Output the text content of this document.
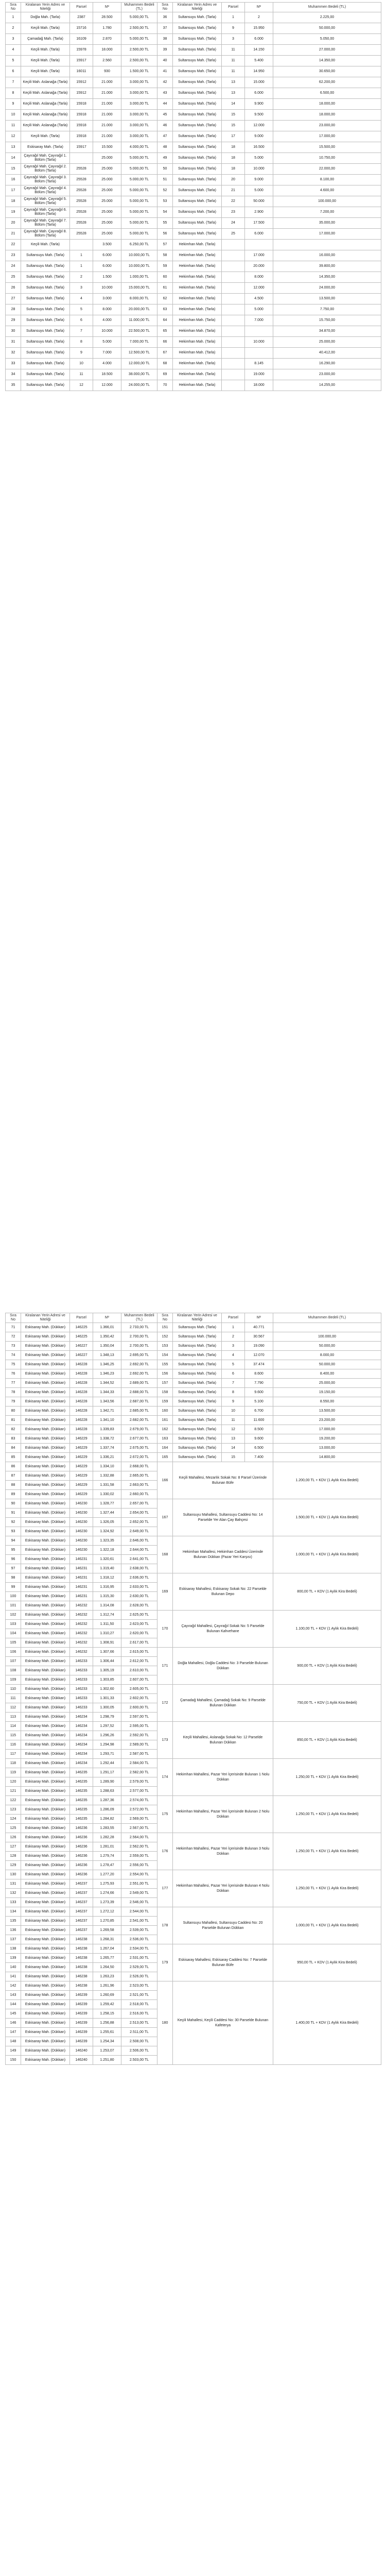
Sıra No	Kiralanan Yerin Adres ve Niteliği	Parsel	M²	Muhammen Bedeli (TL)	Sıra No	Kiralanan Yerin Adres ve Niteliği	Parsel	M²	Muhammen Bedeli (TL)
1	Doğla Mah. (Tarla)	2387	28.500	5.000,00 TL	36	Sultansuyu Mah. (Tarla)	1	2	2.225,00
2	Keçili Mah. (Tarla)	15716	1.780	2.500,00 TL	37	Sultansuyu Mah. (Tarla)	9	15.950	50.000,00
3	Çamadağ Mah. (Tarla)	16109	2.870	5.000,00 TL	38	Sultansuyu Mah. (Tarla)	3	6.000	5.050,00
4	Keçili Mah. (Tarla)	15978	18.000	2.500,00 TL	39	Sultansuyu Mah. (Tarla)	11	14.150	27.000,00
5	Keçili Mah. (Tarla)	15917	2.560	2.500,00 TL	40	Sultansuyu Mah. (Tarla)	11	5.400	14.350,00
6	Keçili Mah. (Tarla)	16011	930	1.500,00 TL	41	Sultansuyu Mah. (Tarla)	11	14.950	30.650,00
7	Keçili Mah. Aslanağa (Tarla)	15912	21.000	3.000,00 TL	42	Sultansuyu Mah. (Tarla)	13	15.000	62.200,00
8	Keçili Mah. Aslanağa (Tarla)	15912	21.000	3.000,00 TL	43	Sultansuyu Mah. (Tarla)	13	6.000	6.500,00
9	Keçili Mah. Aslanağa (Tarla)	15918	21.000	3.000,00 TL	44	Sultansuyu Mah. (Tarla)	14	9.900	18.000,00
10	Keçili Mah. Aslanağa (Tarla)	15918	21.000	3.000,00 TL	45	Sultansuyu Mah. (Tarla)	15	9.500	18.000,00
11	Keçili Mah. Aslanağa (Tarla)	15918	21.000	3.000,00 TL	46	Sultansuyu Mah. (Tarla)	15	12.000	23.000,00
12	Keçili Mah. (Tarla)	15918	21.000	3.000,00 TL	47	Sultansuyu Mah. (Tarla)	17	9.000	17.000,00
13	Eskisaray Mah. (Tarla)	15917	15.500	4.000,00 TL	48	Sultansuyu Mah. (Tarla)	18	16.500	15.500,00
14	Çayırağıl Mah. Çayırağıl 1. Bölüm (Tarla)		25.000	5.000,00 TL	49	Sultansuyu Mah. (Tarla)	18	5.000	10.750,00
15	Çayırağıl Mah. Çayırağıl 2. Bölüm (Tarla)	25528	25.000	5.000,00 TL	50	Sultansuyu Mah. (Tarla)	18	10.000	22.000,00
16	Çayırağıl Mah. Çayırağıl 3. Bölüm (Tarla)	25528	25.000	5.000,00 TL	51	Sultansuyu Mah. (Tarla)	20	9.000	8.100,00
17	Çayırağıl Mah. Çayırağıl 4. Bölüm (Tarla)	25528	25.000	5.000,00 TL	52	Sultansuyu Mah. (Tarla)	21	5.000	4.600,00
18	Çayırağıl Mah. Çayırağıl 5. Bölüm (Tarla)	25528	25.000	5.000,00 TL	53	Sultansuyu Mah. (Tarla)	22	50.000	100.000,00
19	Çayırağıl Mah. Çayırağıl 6. Bölüm (Tarla)	25528	25.000	5.000,00 TL	54	Sultansuyu Mah. (Tarla)	23	2.900	7.200,00
20	Çayırağıl Mah. Çayırağıl 7. Bölüm (Tarla)	25528	25.000	5.000,00 TL	55	Sultansuyu Mah. (Tarla)	24	17.500	35.000,00
21	Çayırağıl Mah. Çayırağıl 8. Bölüm (Tarla)	25528	25.000	5.000,00 TL	56	Sultansuyu Mah. (Tarla)	25	6.000	17.000,00
22	Keçili Mah. (Tarla)		3.500	6.250,00 TL	57	Hekimhan Mah. (Tarla)			
23	Sultansuyu Mah. (Tarla)	1	6.000	10.000,00 TL	58	Hekimhan Mah. (Tarla)		17.000	16.000,00
24	Sultansuyu Mah. (Tarla)	1	6.000	10.000,00 TL	59	Hekimhan Mah. (Tarla)		20.000	39.800,00
25	Sultansuyu Mah. (Tarla)	2	1.500	1.000,00 TL	60	Hekimhan Mah. (Tarla)		8.000	14.350,00
26	Sultansuyu Mah. (Tarla)	3	10.000	15.000,00 TL	61	Hekimhan Mah. (Tarla)		12.000	24.000,00
27	Sultansuyu Mah. (Tarla)	4	3.000	8.000,00 TL	62	Hekimhan Mah. (Tarla)		4.500	13.500,00
28	Sultansuyu Mah. (Tarla)	5	8.000	20.000,00 TL	63	Hekimhan Mah. (Tarla)		5.000	7.750,00
29	Sultansuyu Mah. (Tarla)	6	4.000	11.000,00 TL	64	Hekimhan Mah. (Tarla)		7.000	15.750,00
30	Sultansuyu Mah. (Tarla)	7	10.000	22.500,00 TL	65	Hekimhan Mah. (Tarla)			34.870,00
31	Sultansuyu Mah. (Tarla)	8	5.000	7.000,00 TL	66	Hekimhan Mah. (Tarla)		10.000	25.000,00
32	Sultansuyu Mah. (Tarla)	9	7.000	12.500,00 TL	67	Hekimhan Mah. (Tarla)			40.412,00
33	Sultansuyu Mah. (Tarla)	10	4.000	12.000,00 TL	68	Hekimhan Mah. (Tarla)		8.145	16.290,00
34	Sultansuyu Mah. (Tarla)	11	18.500	38.000,00 TL	69	Hekimhan Mah. (Tarla)		19.000	23.000,00
35	Sultansuyu Mah. (Tarla)	12	12.000	24.000,00 TL	70	Hekimhan Mah. (Tarla)		18.000	14.255,00
Sıra No	Kiralanan Yerin Adresi ve Niteliği	Parsel	M²	Muhammen Bedeli (TL)	Sıra No	Kiralanan Yerin Adresi ve Niteliği	Parsel	M²	Muhammen Bedeli (TL)
71	Eskisaray Mah. (Dükkan)	146225	1.366,01	2.733,00 TL	151	Sultansuyu Mah. (Tarla)	1	40.771	
72	Eskisaray Mah. (Dükkan)	146225	1.350,42	2.700,00 TL	152	Sultansuyu Mah. (Tarla)	2	30.567	100.000,00
73	Eskisaray Mah. (Dükkan)	146227	1.350,04	2.700,00 TL	153	Sultansuyu Mah. (Tarla)	3	19.090	50.000,00
74	Eskisaray Mah. (Dükkan)	146227	1.348,13	2.695,00 TL	154	Sultansuyu Mah. (Tarla)	4	12.070	8.000,00
75	Eskisaray Mah. (Dükkan)	146228	1.346,25	2.692,00 TL	155	Sultansuyu Mah. (Tarla)	5	37.474	50.000,00
76	Eskisaray Mah. (Dükkan)	146228	1.346,23	2.692,00 TL	156	Sultansuyu Mah. (Tarla)	6	8.600	8.400,00
77	Eskisaray Mah. (Dükkan)	146228	1.344,52	2.689,00 TL	157	Sultansuyu Mah. (Tarla)	7	7.790	25.000,00
78	Eskisaray Mah. (Dükkan)	146228	1.344,33	2.688,00 TL	158	Sultansuyu Mah. (Tarla)	8	9.600	19.150,00
79	Eskisaray Mah. (Dükkan)	146228	1.343,56	2.687,00 TL	159	Sultansuyu Mah. (Tarla)	9	5.100	8.550,00
80	Eskisaray Mah. (Dükkan)	146228	1.342,71	2.685,00 TL	160	Sultansuyu Mah. (Tarla)	10	6.700	13.500,00
81	Eskisaray Mah. (Dükkan)	146228	1.341,10	2.682,00 TL	161	Sultansuyu Mah. (Tarla)	11	11.600	23.200,00
82	Eskisaray Mah. (Dükkan)	146228	1.339,83	2.679,00 TL	162	Sultansuyu Mah. (Tarla)	12	8.500	17.000,00
83	Eskisaray Mah. (Dükkan)	146229	1.338,72	2.677,00 TL	163	Sultansuyu Mah. (Tarla)	13	9.600	19.200,00
84	Eskisaray Mah. (Dükkan)	146229	1.337,74	2.675,00 TL	164	Sultansuyu Mah. (Tarla)	14	6.500	13.000,00
85	Eskisaray Mah. (Dükkan)	146229	1.336,21	2.672,00 TL	165	Sultansuyu Mah. (Tarla)	15	7.400	14.800,00
86	Eskisaray Mah. (Dükkan)	146229	1.334,10	2.668,00 TL	166	Keçili Mahallesi, Mezarlık Sokak No: 8 Parsel Üzerinde Bulunan Büfe			1.200,00 TL + KDV (1 Aylık Kira Bedeli)
87	Eskisaray Mah. (Dükkan)	146229	1.332,88	2.665,00 TL					
88	Eskisaray Mah. (Dükkan)	146229	1.331,58	2.663,00 TL					
89	Eskisaray Mah. (Dükkan)	146229	1.330,02	2.660,00 TL					
90	Eskisaray Mah. (Dükkan)	146230	1.328,77	2.657,00 TL	167	Sultansuyu Mahallesi, Sultansuyu Caddesi No: 14 Parselde Yer Alan Çay Bahçesi			1.500,00 TL + KDV (1 Aylık Kira Bedeli)
91	Eskisaray Mah. (Dükkan)	146230	1.327,44	2.654,00 TL					
92	Eskisaray Mah. (Dükkan)	146230	1.326,05	2.652,00 TL					
93	Eskisaray Mah. (Dükkan)	146230	1.324,92	2.649,00 TL					
94	Eskisaray Mah. (Dükkan)	146230	1.323,35	2.646,00 TL	168	Hekimhan Mahallesi, Hekimhan Caddesi Üzerinde Bulunan Dükkan (Pazar Yeri Karşısı)			1.000,00 TL + KDV (1 Aylık Kira Bedeli)
95	Eskisaray Mah. (Dükkan)	146230	1.322,18	2.644,00 TL					
96	Eskisaray Mah. (Dükkan)	146231	1.320,61	2.641,00 TL					
97	Eskisaray Mah. (Dükkan)	146231	1.319,40	2.638,00 TL					
98	Eskisaray Mah. (Dükkan)	146231	1.318,12	2.636,00 TL	169	Eskisaray Mahallesi, Eskisaray Sokak No: 22 Parselde Bulunan Depo			800,00 TL + KDV (1 Aylık Kira Bedeli)
99	Eskisaray Mah. (Dükkan)	146231	1.316,95	2.633,00 TL					
100	Eskisaray Mah. (Dükkan)	146231	1.315,30	2.630,00 TL					
101	Eskisaray Mah. (Dükkan)	146232	1.314,08	2.628,00 TL					
102	Eskisaray Mah. (Dükkan)	146232	1.312,74	2.625,00 TL	170	Çayırağıl Mahallesi, Çayırağıl Sokak No: 5 Parselde Bulunan Kahvehane			1.100,00 TL + KDV (1 Aylık Kira Bedeli)
103	Eskisaray Mah. (Dükkan)	146232	1.311,50	2.623,00 TL					
104	Eskisaray Mah. (Dükkan)	146232	1.310,27	2.620,00 TL					
105	Eskisaray Mah. (Dükkan)	146232	1.308,91	2.617,00 TL					
106	Eskisaray Mah. (Dükkan)	146232	1.307,66	2.615,00 TL	171	Doğla Mahallesi, Doğla Caddesi No: 3 Parselde Bulunan Dükkan			900,00 TL + KDV (1 Aylık Kira Bedeli)
107	Eskisaray Mah. (Dükkan)	146233	1.306,44	2.612,00 TL					
108	Eskisaray Mah. (Dükkan)	146233	1.305,19	2.610,00 TL					
109	Eskisaray Mah. (Dükkan)	146233	1.303,85	2.607,00 TL					
110	Eskisaray Mah. (Dükkan)	146233	1.302,60	2.605,00 TL	172	Çamadağ Mahallesi, Çamadağ Sokak No: 9 Parselde Bulunan Dükkan			750,00 TL + KDV (1 Aylık Kira Bedeli)
111	Eskisaray Mah. (Dükkan)	146233	1.301,33	2.602,00 TL					
112	Eskisaray Mah. (Dükkan)	146233	1.300,05	2.600,00 TL					
113	Eskisaray Mah. (Dükkan)	146234	1.298,79	2.597,00 TL					
114	Eskisaray Mah. (Dükkan)	146234	1.297,52	2.595,00 TL	173	Keçili Mahallesi, Aslanağa Sokak No: 12 Parselde Bulunan Dükkan			850,00 TL + KDV (1 Aylık Kira Bedeli)
115	Eskisaray Mah. (Dükkan)	146234	1.296,26	2.592,00 TL					
116	Eskisaray Mah. (Dükkan)	146234	1.294,98	2.589,00 TL					
117	Eskisaray Mah. (Dükkan)	146234	1.293,71	2.587,00 TL					
118	Eskisaray Mah. (Dükkan)	146234	1.292,44	2.584,00 TL	174	Hekimhan Mahallesi, Pazar Yeri İçerisinde Bulunan 1 Nolu Dükkan			1.250,00 TL + KDV (1 Aylık Kira Bedeli)
119	Eskisaray Mah. (Dükkan)	146235	1.291,17	2.582,00 TL					
120	Eskisaray Mah. (Dükkan)	146235	1.289,90	2.579,00 TL					
121	Eskisaray Mah. (Dükkan)	146235	1.288,63	2.577,00 TL					
122	Eskisaray Mah. (Dükkan)	146235	1.287,36	2.574,00 TL	175	Hekimhan Mahallesi, Pazar Yeri İçerisinde Bulunan 2 Nolu Dükkan			1.250,00 TL + KDV (1 Aylık Kira Bedeli)
123	Eskisaray Mah. (Dükkan)	146235	1.286,09	2.572,00 TL					
124	Eskisaray Mah. (Dükkan)	146235	1.284,82	2.569,00 TL					
125	Eskisaray Mah. (Dükkan)	146236	1.283,55	2.567,00 TL					
126	Eskisaray Mah. (Dükkan)	146236	1.282,28	2.564,00 TL	176	Hekimhan Mahallesi, Pazar Yeri İçerisinde Bulunan 3 Nolu Dükkan			1.250,00 TL + KDV (1 Aylık Kira Bedeli)
127	Eskisaray Mah. (Dükkan)	146236	1.281,01	2.562,00 TL					
128	Eskisaray Mah. (Dükkan)	146236	1.279,74	2.559,00 TL					
129	Eskisaray Mah. (Dükkan)	146236	1.278,47	2.556,00 TL					
130	Eskisaray Mah. (Dükkan)	146236	1.277,20	2.554,00 TL	177	Hekimhan Mahallesi, Pazar Yeri İçerisinde Bulunan 4 Nolu Dükkan			1.250,00 TL + KDV (1 Aylık Kira Bedeli)
131	Eskisaray Mah. (Dükkan)	146237	1.275,93	2.551,00 TL					
132	Eskisaray Mah. (Dükkan)	146237	1.274,66	2.549,00 TL					
133	Eskisaray Mah. (Dükkan)	146237	1.273,39	2.546,00 TL					
134	Eskisaray Mah. (Dükkan)	146237	1.272,12	2.544,00 TL	178	Sultansuyu Mahallesi, Sultansuyu Caddesi No: 20 Parselde Bulunan Dükkan			1.000,00 TL + KDV (1 Aylık Kira Bedeli)
135	Eskisaray Mah. (Dükkan)	146237	1.270,85	2.541,00 TL					
136	Eskisaray Mah. (Dükkan)	146237	1.269,58	2.539,00 TL					
137	Eskisaray Mah. (Dükkan)	146238	1.268,31	2.536,00 TL					
138	Eskisaray Mah. (Dükkan)	146238	1.267,04	2.534,00 TL	179	Eskisaray Mahallesi, Eskisaray Caddesi No: 7 Parselde Bulunan Büfe			950,00 TL + KDV (1 Aylık Kira Bedeli)
139	Eskisaray Mah. (Dükkan)	146238	1.265,77	2.531,00 TL					
140	Eskisaray Mah. (Dükkan)	146238	1.264,50	2.529,00 TL					
141	Eskisaray Mah. (Dükkan)	146238	1.263,23	2.526,00 TL					
142	Eskisaray Mah. (Dükkan)	146238	1.261,96	2.523,00 TL	180	Keçili Mahallesi, Keçili Caddesi No: 30 Parselde Bulunan Kafeterya			1.400,00 TL + KDV (1 Aylık Kira Bedeli)
143	Eskisaray Mah. (Dükkan)	146239	1.260,69	2.521,00 TL					
144	Eskisaray Mah. (Dükkan)	146239	1.259,42	2.518,00 TL					
145	Eskisaray Mah. (Dükkan)	146239	1.258,15	2.516,00 TL					
146	Eskisaray Mah. (Dükkan)	146239	1.256,88	2.513,00 TL					
147	Eskisaray Mah. (Dükkan)	146239	1.255,61	2.511,00 TL					
148	Eskisaray Mah. (Dükkan)	146239	1.254,34	2.508,00 TL					
149	Eskisaray Mah. (Dükkan)	146240	1.253,07	2.506,00 TL					
150	Eskisaray Mah. (Dükkan)	146240	1.251,80	2.503,00 TL					
